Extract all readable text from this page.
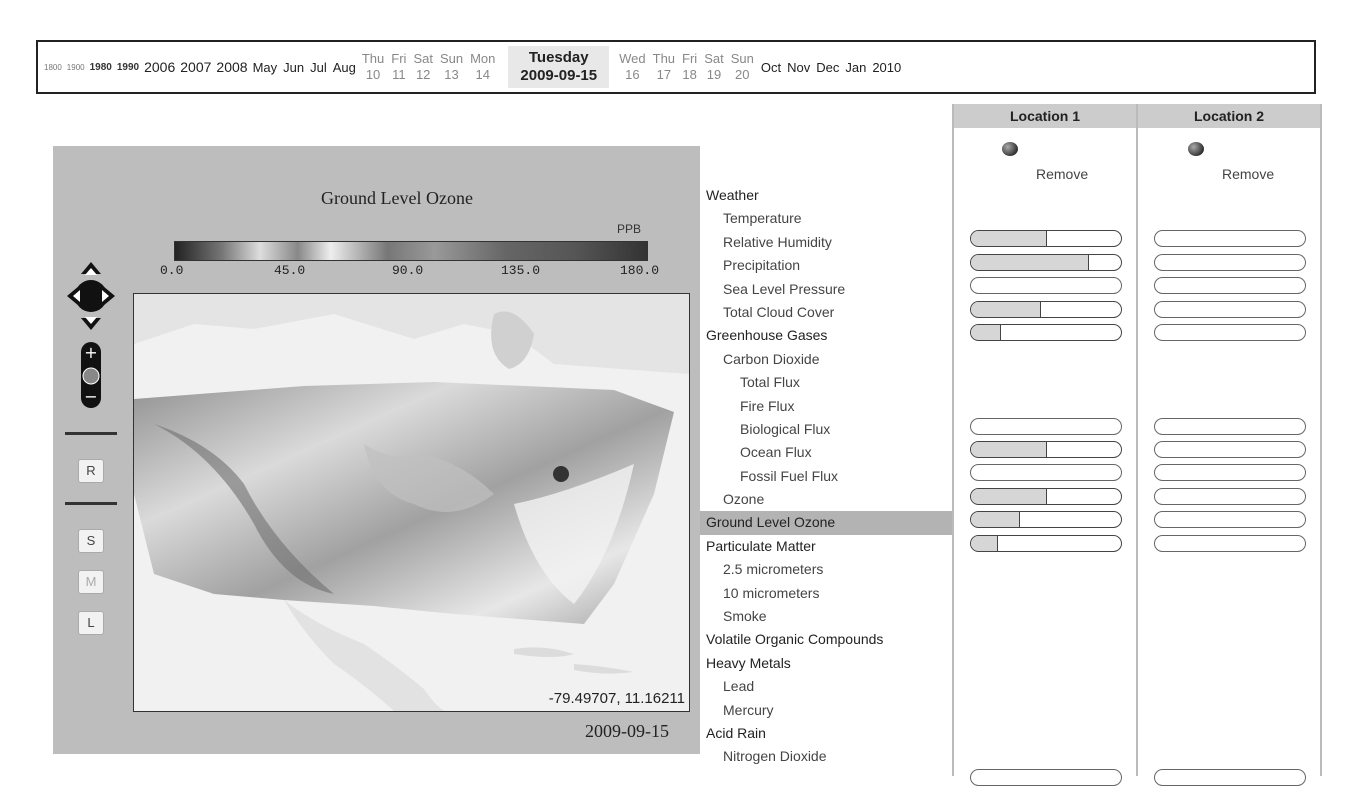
1800 1900 1980 1990 2006 2007 2008 May Jun Jul Aug
Thu
10
Fri
11
Sat
12
Sun
13
Mon
14
Tuesday
2009-09-15
Wed
16
Thu
17
Fri
18
Sat
19
Sun
20 Oct Nov Dec Jan 2010
+
−
R
S
M
L
Ground Level Ozone
PPB
0.0	45.0	90.0	135.0	180.0
-79.49707, 11.16211
2009-09-15
Weather
Temperature
Relative Humidity
Precipitation
Sea Level Pressure
Total Cloud Cover
Greenhouse Gases
Carbon Dioxide
Total Flux
Fire Flux
Biological Flux
Ocean Flux
Fossil Fuel Flux
Ozone
Ground Level Ozone
Particulate Matter
2.5 micrometers
10 micrometers
Smoke
Volatile Organic Compounds
Heavy Metals
Lead
Mercury
Acid Rain
Nitrogen Dioxide
Location 1
Remove
Location 2
Remove
